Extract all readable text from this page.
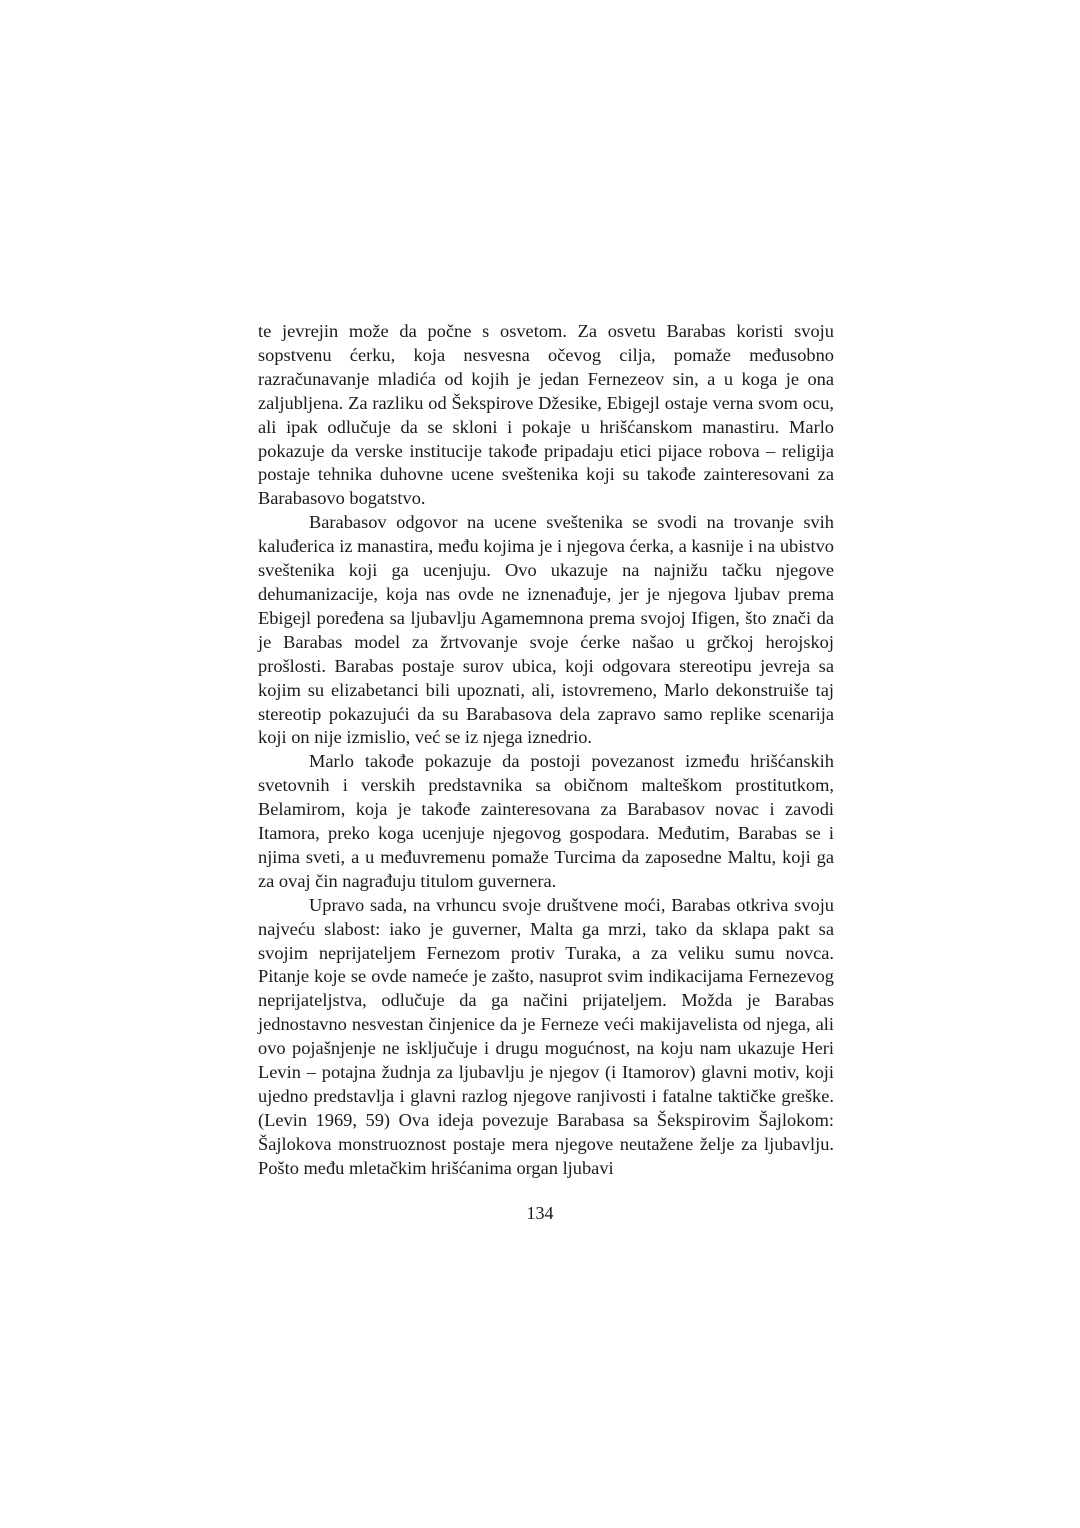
te jevrejin može da počne s osvetom. Za osvetu Barabas koristi svoju sopstvenu ćerku, koja nesvesna očevog cilja, pomaže međusobno razračunavanje mladića od kojih je jedan Fernezeov sin, a u koga je ona zaljubljena. Za razliku od Šekspirove Džesike, Ebigejl ostaje verna svom ocu, ali ipak odlučuje da se skloni i pokaje u hrišćanskom manastiru. Marlo pokazuje da verske institucije takođe pripadaju etici pijace robova – religija postaje tehnika duhovne ucene sveštenika koji su takođe zainteresovani za Barabasovo bogatstvo.

Barabasov odgovor na ucene sveštenika se svodi na trovanje svih kaluđerica iz manastira, među kojima je i njegova ćerka, a kasnije i na ubistvo sveštenika koji ga ucenjuju. Ovo ukazuje na najnižu tačku njegove dehumanizacije, koja nas ovde ne iznenađuje, jer je njegova ljubav prema Ebigejl poređena sa ljubavlju Agamemnona prema svojoj Ifigen, što znači da je Barabas model za žrtvovanje svoje ćerke našao u grčkoj herojskoj prošlosti. Barabas postaje surov ubica, koji odgovara stereotipu jevreja sa kojim su elizabetanci bili upoznati, ali, istovremeno, Marlo dekonstruiše taj stereotip pokazujući da su Barabasova dela zapravo samo replike scenarija koji on nije izmislio, već se iz njega iznedrio.

Marlo takođe pokazuje da postoji povezanost između hrišćanskih svetovnih i verskih predstavnika sa običnom malteškom prostitutkom, Belamirom, koja je takođe zainteresovana za Barabasov novac i zavodi Itamora, preko koga ucenjuje njegovog gospodara. Međutim, Barabas se i njima sveti, a u međuvremenu pomaže Turcima da zaposedne Maltu, koji ga za ovaj čin nagrađuju titulom guvernera.

Upravo sada, na vrhuncu svoje društvene moći, Barabas otkriva svoju najveću slabost: iako je guverner, Malta ga mrzi, tako da sklapa pakt sa svojim neprijateljem Fernezom protiv Turaka, a za veliku sumu novca. Pitanje koje se ovde nameće je zašto, nasuprot svim indikacijama Fernezevog neprijateljstva, odlučuje da ga načini prijateljem. Možda je Barabas jednostavno nesvestan činjenice da je Ferneze veći makijavelista od njega, ali ovo pojašnjenje ne isključuje i drugu mogućnost, na koju nam ukazuje Heri Levin – potajna žudnja za ljubavlju je njegov (i Itamorov) glavni motiv, koji ujedno predstavlja i glavni razlog njegove ranjivosti i fatalne taktičke greške. (Levin 1969, 59) Ova ideja povezuje Barabasa sa Šekspirovim Šajlokom: Šajlokova monstruoznost postaje mera njegove neutažene želje za ljubavlju. Pošto među mletačkim hrišćanima organ ljubavi

134
